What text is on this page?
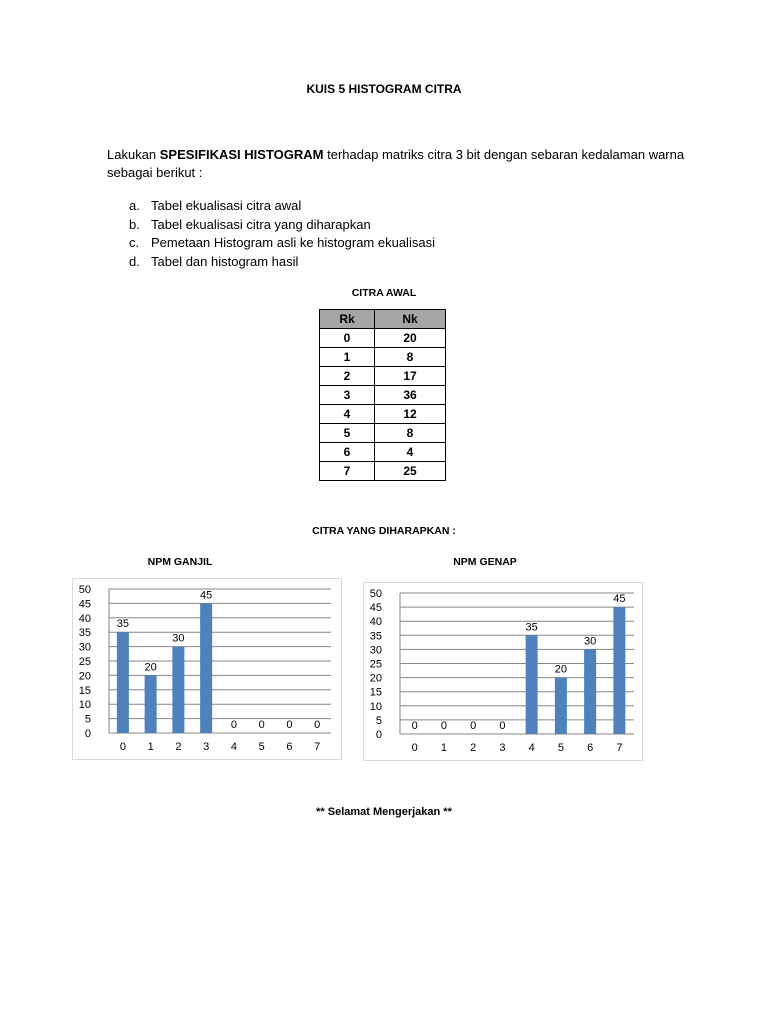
KUIS 5 HISTOGRAM CITRA
Lakukan SPESIFIKASI HISTOGRAM terhadap matriks citra 3 bit dengan sebaran kedalaman warna sebagai berikut :
a. Tabel ekualisasi citra awal
b. Tabel ekualisasi citra yang diharapkan
c. Pemetaan Histogram asli ke histogram ekualisasi
d. Tabel dan histogram hasil
CITRA AWAL
Rk	Nk
0	20
1	8
2	17
3	36
4	12
5	8
6	4
7	25
CITRA YANG DIHARAPKAN :
NPM GANJIL	NPM GENAP
0
5
10
15
20
25
30
35
40
45
50
35
0
20
1
30
2
45
3
0
4
0
5
0
6
0
7
0
5
10
15
20
25
30
35
40
45
50
0
0
0
1
0
2
0
3
35
4
20
5
30
6
45
7
** Selamat Mengerjakan **
